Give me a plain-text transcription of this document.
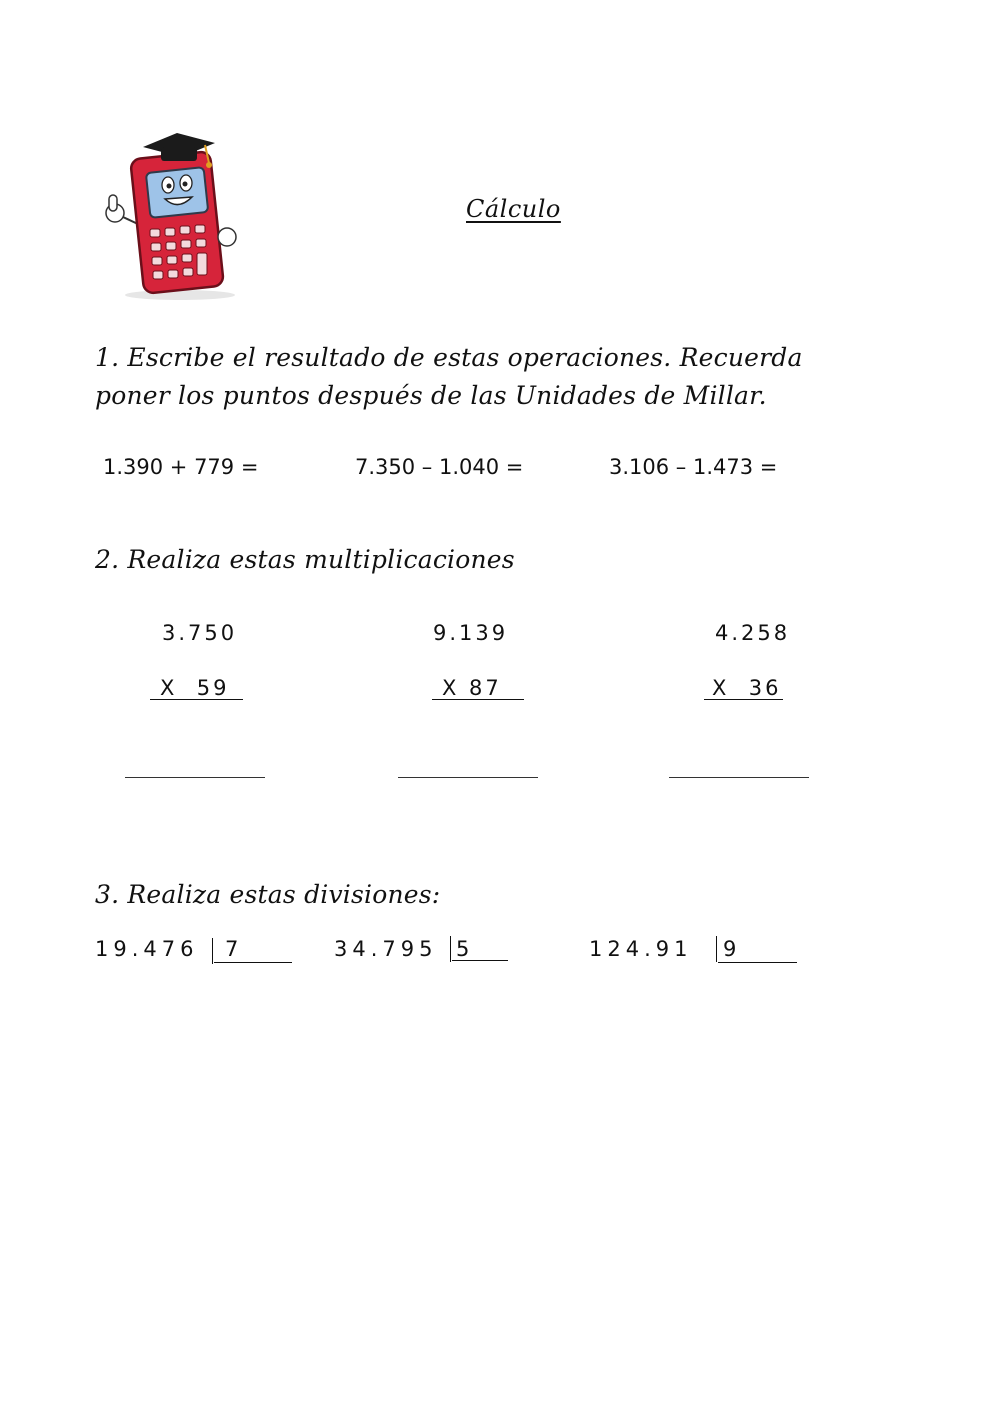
Cálculo
1. Escribe el resultado de estas operaciones. Recuerda poner los puntos después de las Unidades de Millar.
1.390 + 779 =	7.350 – 1.040 =	3.106 – 1.473 =
2. Realiza estas multiplicaciones
3.750
X  59
9.139
X 87
4.258
X  36
3. Realiza estas divisiones:
19.476 7	34.795 5	124.91 9
